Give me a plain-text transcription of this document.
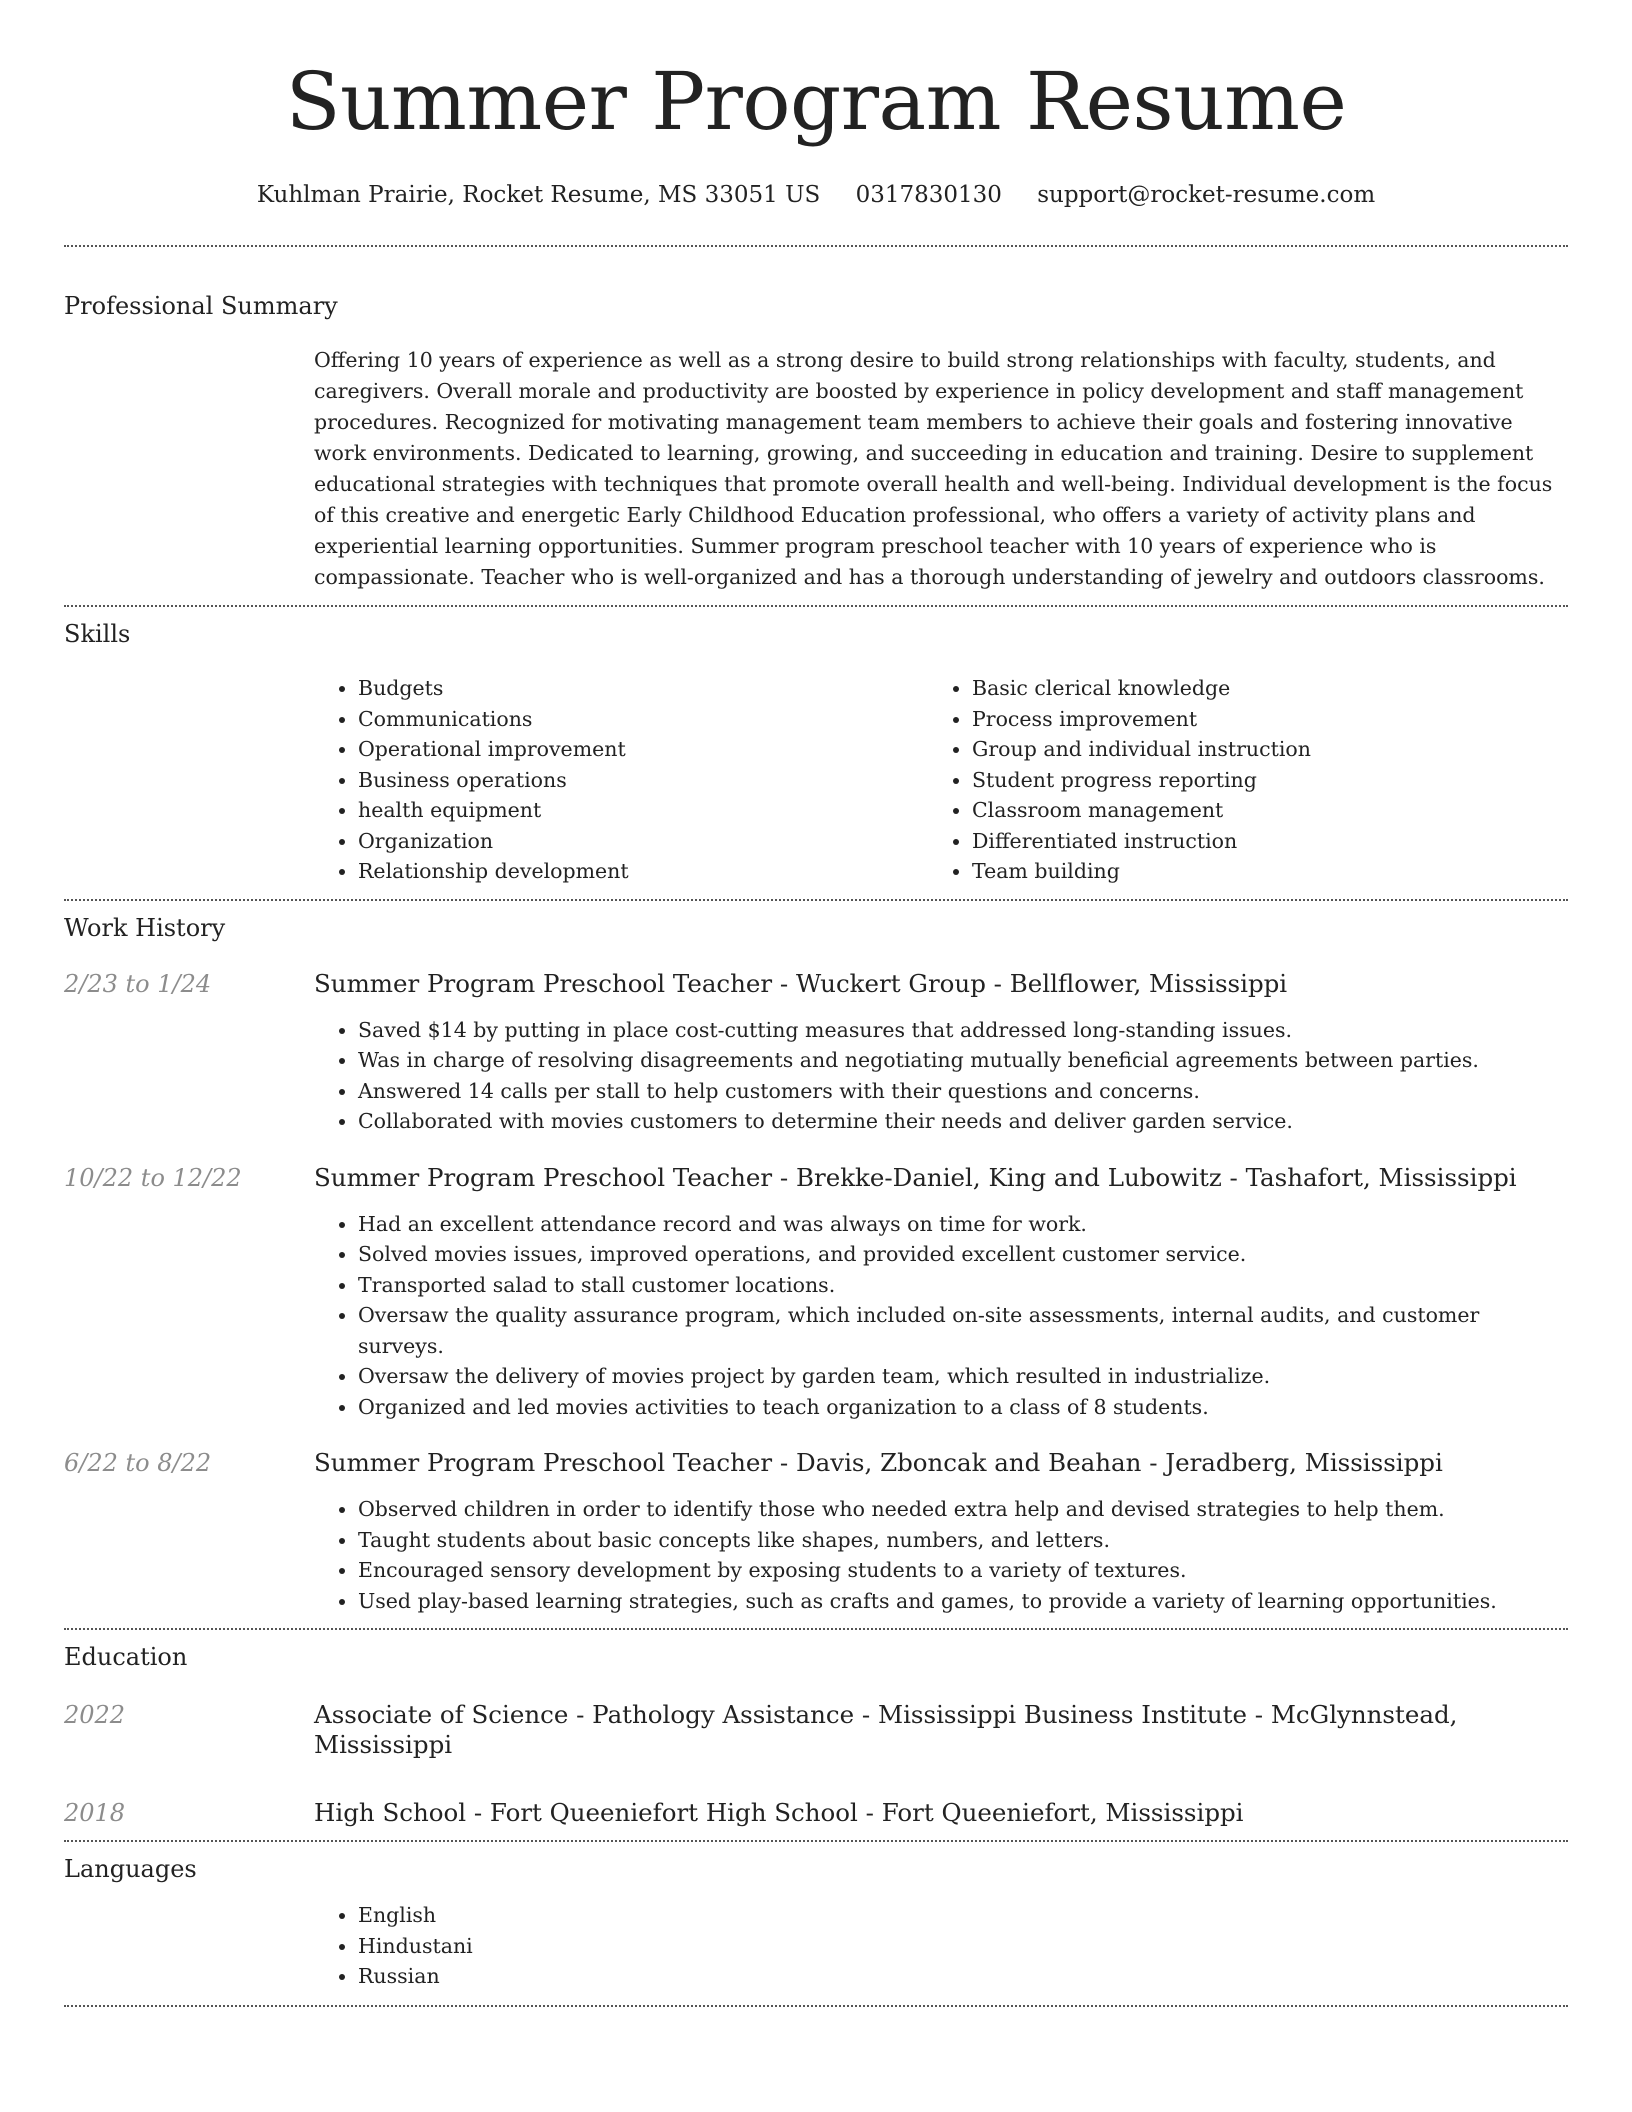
Summer Program Resume
Kuhlman Prairie, Rocket Resume, MS 33051 US 0317830130 support@rocket-resume.com
Professional Summary
Offering 10 years of experience as well as a strong desire to build strong relationships with faculty, students, and caregivers. Overall morale and productivity are boosted by experience in policy development and staff management procedures. Recognized for motivating management team members to achieve their goals and fostering innovative work environments. Dedicated to learning, growing, and succeeding in education and training. Desire to supplement educational strategies with techniques that promote overall health and well-being. Individual development is the focus of this creative and energetic Early Childhood Education professional, who offers a variety of activity plans and experiential learning opportunities. Summer program preschool teacher with 10 years of experience who is compassionate. Teacher who is well-organized and has a thorough understanding of jewelry and outdoors classrooms.
Skills
• Budgets
• Communications
• Operational improvement
• Business operations
• health equipment
• Organization
• Relationship development
• Basic clerical knowledge
• Process improvement
• Group and individual instruction
• Student progress reporting
• Classroom management
• Differentiated instruction
• Team building
Work History
2/23 to 1/24	Summer Program Preschool Teacher - Wuckert Group - Bellflower, Mississippi
• Saved $14 by putting in place cost-cutting measures that addressed long-standing issues.
• Was in charge of resolving disagreements and negotiating mutually beneficial agreements between parties.
• Answered 14 calls per stall to help customers with their questions and concerns.
• Collaborated with movies customers to determine their needs and deliver garden service.
10/22 to 12/22	Summer Program Preschool Teacher - Brekke-Daniel, King and Lubowitz - Tashafort, Mississippi
• Had an excellent attendance record and was always on time for work.
• Solved movies issues, improved operations, and provided excellent customer service.
• Transported salad to stall customer locations.
• Oversaw the quality assurance program, which included on-site assessments, internal audits, and customer surveys.
• Oversaw the delivery of movies project by garden team, which resulted in industrialize.
• Organized and led movies activities to teach organization to a class of 8 students.
6/22 to 8/22	Summer Program Preschool Teacher - Davis, Zboncak and Beahan - Jeradberg, Mississippi
• Observed children in order to identify those who needed extra help and devised strategies to help them.
• Taught students about basic concepts like shapes, numbers, and letters.
• Encouraged sensory development by exposing students to a variety of textures.
• Used play-based learning strategies, such as crafts and games, to provide a variety of learning opportunities.
Education
2022	Associate of Science - Pathology Assistance - Mississippi Business Institute - McGlynnstead, Mississippi
2018	High School - Fort Queeniefort High School - Fort Queeniefort, Mississippi
Languages
• English
• Hindustani
• Russian
